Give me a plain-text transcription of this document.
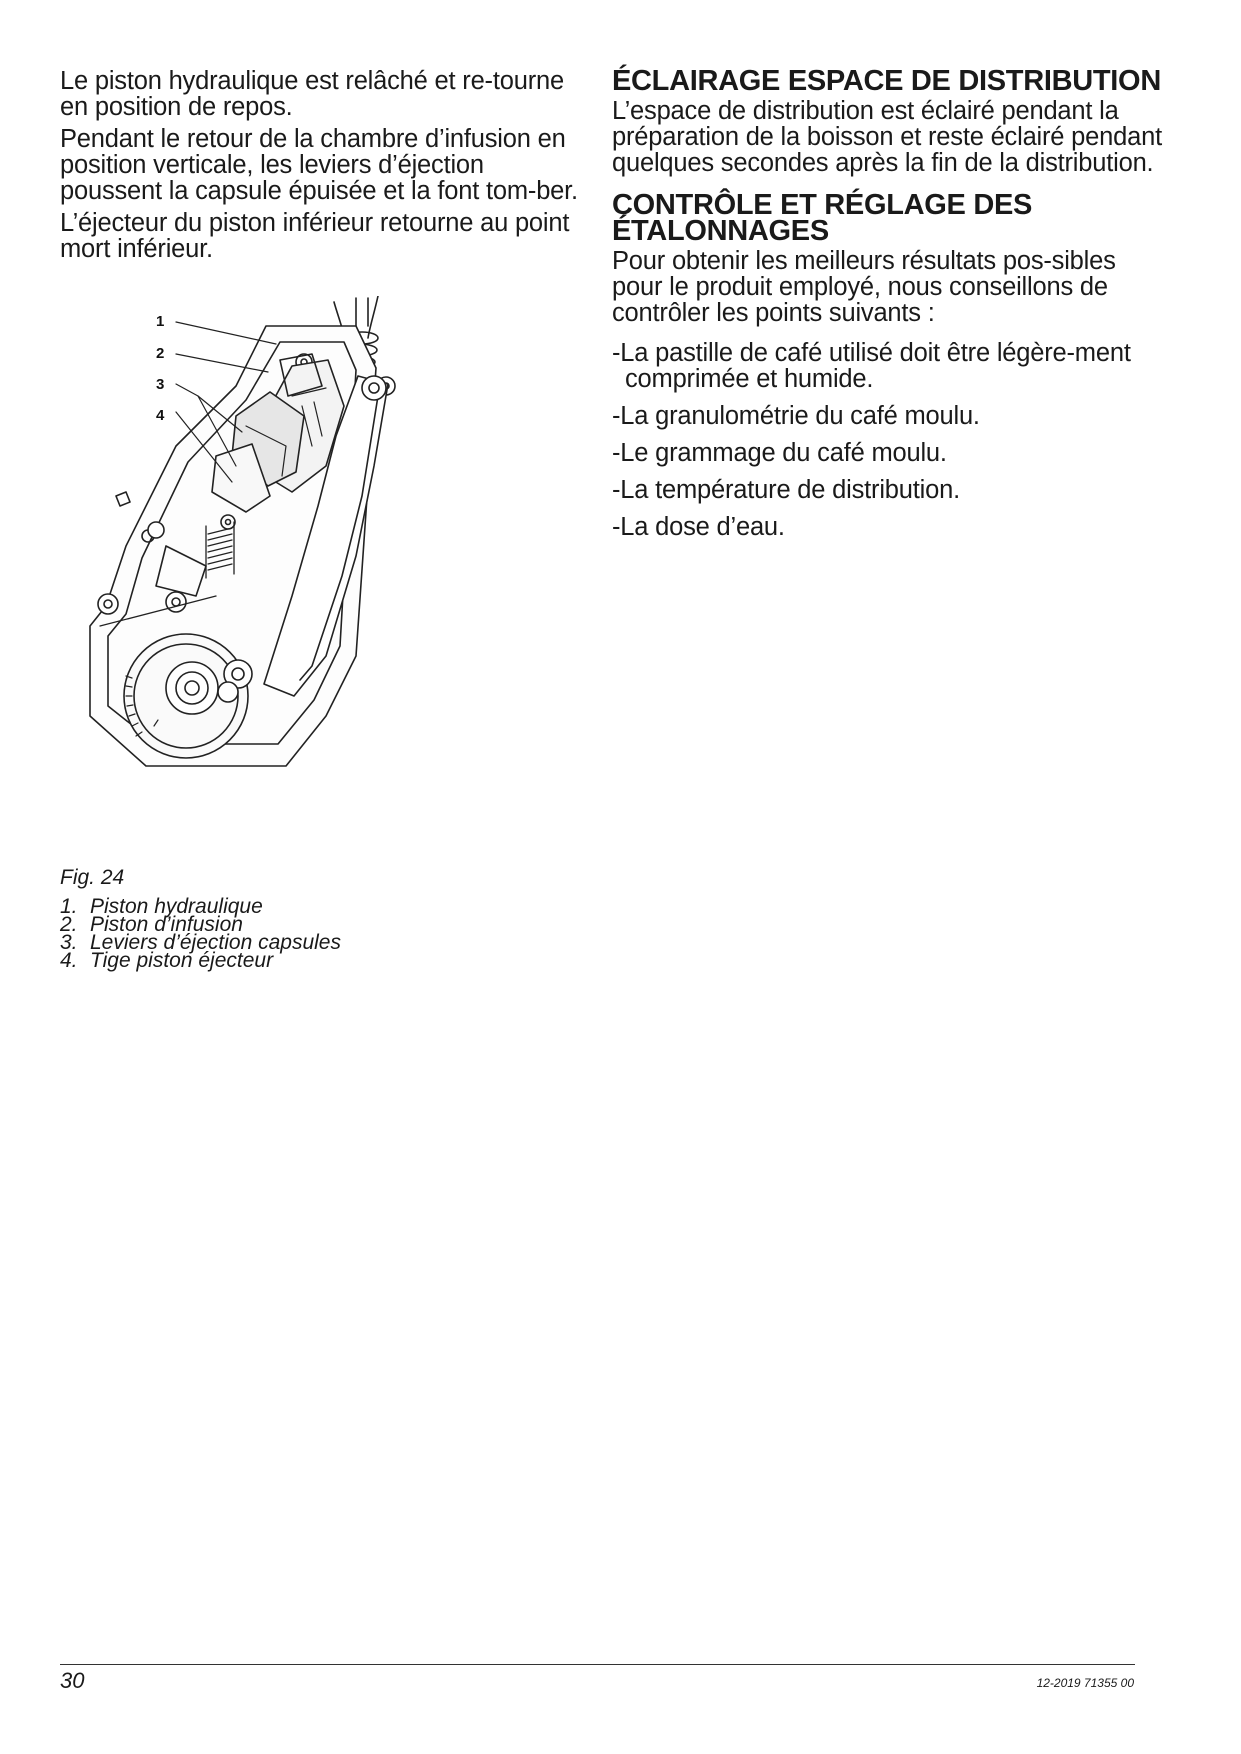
Le piston hydraulique est relâché et re-tourne en position de repos.

Pendant le retour de la chambre d’infusion en position verticale, les leviers d’éjection poussent la capsule épuisée et la font tom-ber.

L’éjecteur du piston inférieur retourne au point mort inférieur.

1
2
3
4
Fig. 24
1. Piston hydraulique
2. Piston d’infusion
3. Leviers d’éjection capsules
4. Tige piston éjecteur
ÉCLAIRAGE ESPACE DE DISTRIBUTION

L’espace de distribution est éclairé pendant la préparation de la boisson et reste éclairé pendant quelques secondes après la fin de la distribution.

CONTRÔLE ET RÉGLAGE DES ÉTALONNAGES

Pour obtenir les meilleurs résultats pos-sibles pour le produit employé, nous conseillons de contrôler les points suivants :

-La pastille de café utilisé doit être légère-ment comprimée et humide.
-La granulométrie du café moulu.
-Le grammage du café moulu.
-La température de distribution.
-La dose d’eau.
30	12-2019 71355 00
